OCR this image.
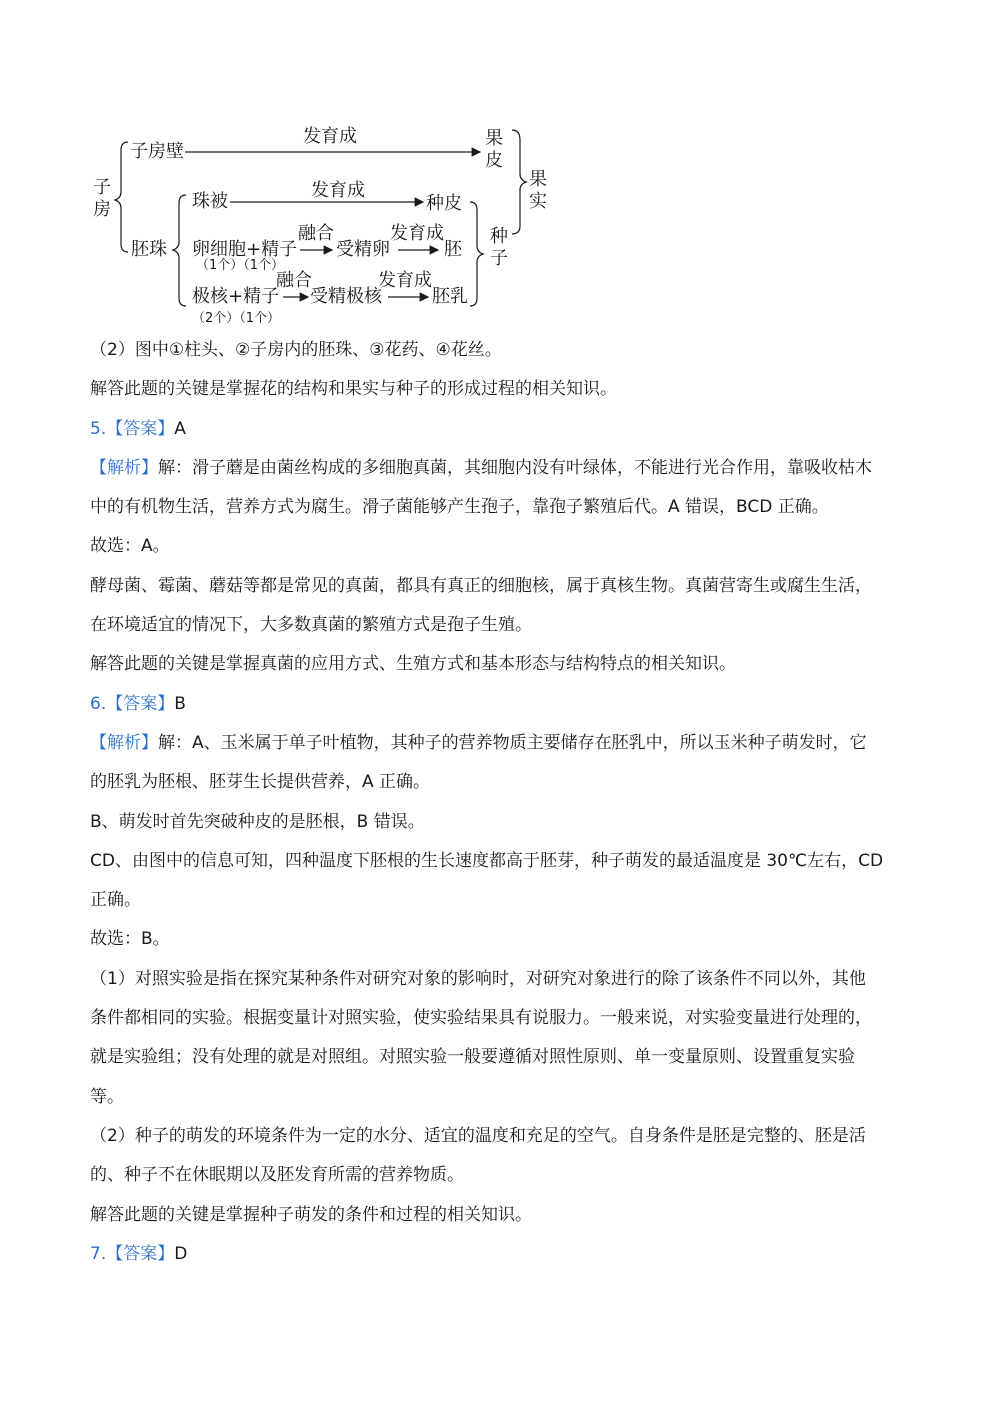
子房
子房壁
发育成	果皮
果实
胚珠
珠被
发育成
种皮
种子
卵细胞+精子
（1个）（1个）
融合
受精卵
发育成
胚
极核+精子
（2个）（1个）
融合
受精极核
发育成
胚乳
（2）图中①柱头、②子房内的胚珠、③花药、④花丝。
解答此题的关键是掌握花的结构和果实与种子的形成过程的相关知识。
5.【答案】A
【解析】解：滑子蘑是由菌丝构成的多细胞真菌，其细胞内没有叶绿体，不能进行光合作用，靠吸收枯木
中的有机物生活，营养方式为腐生。滑子菌能够产生孢子，靠孢子繁殖后代。A 错误，BCD 正确。
故选：A。
酵母菌、霉菌、蘑菇等都是常见的真菌，都具有真正的细胞核，属于真核生物。真菌营寄生或腐生生活，
在环境适宜的情况下，大多数真菌的繁殖方式是孢子生殖。
解答此题的关键是掌握真菌的应用方式、生殖方式和基本形态与结构特点的相关知识。
6.【答案】B
【解析】解：A、玉米属于单子叶植物，其种子的营养物质主要储存在胚乳中，所以玉米种子萌发时，它
的胚乳为胚根、胚芽生长提供营养，A 正确。
B、萌发时首先突破种皮的是胚根，B 错误。
CD、由图中的信息可知，四种温度下胚根的生长速度都高于胚芽，种子萌发的最适温度是 30℃左右，CD
正确。
故选：B。
（1）对照实验是指在探究某种条件对研究对象的影响时，对研究对象进行的除了该条件不同以外，其他
条件都相同的实验。根据变量计对照实验，使实验结果具有说服力。一般来说，对实验变量进行处理的，
就是实验组；没有处理的就是对照组。对照实验一般要遵循对照性原则、单一变量原则、设置重复实验
等。
（2）种子的萌发的环境条件为一定的水分、适宜的温度和充足的空气。自身条件是胚是完整的、胚是活
的、种子不在休眠期以及胚发育所需的营养物质。
解答此题的关键是掌握种子萌发的条件和过程的相关知识。
7.【答案】D
